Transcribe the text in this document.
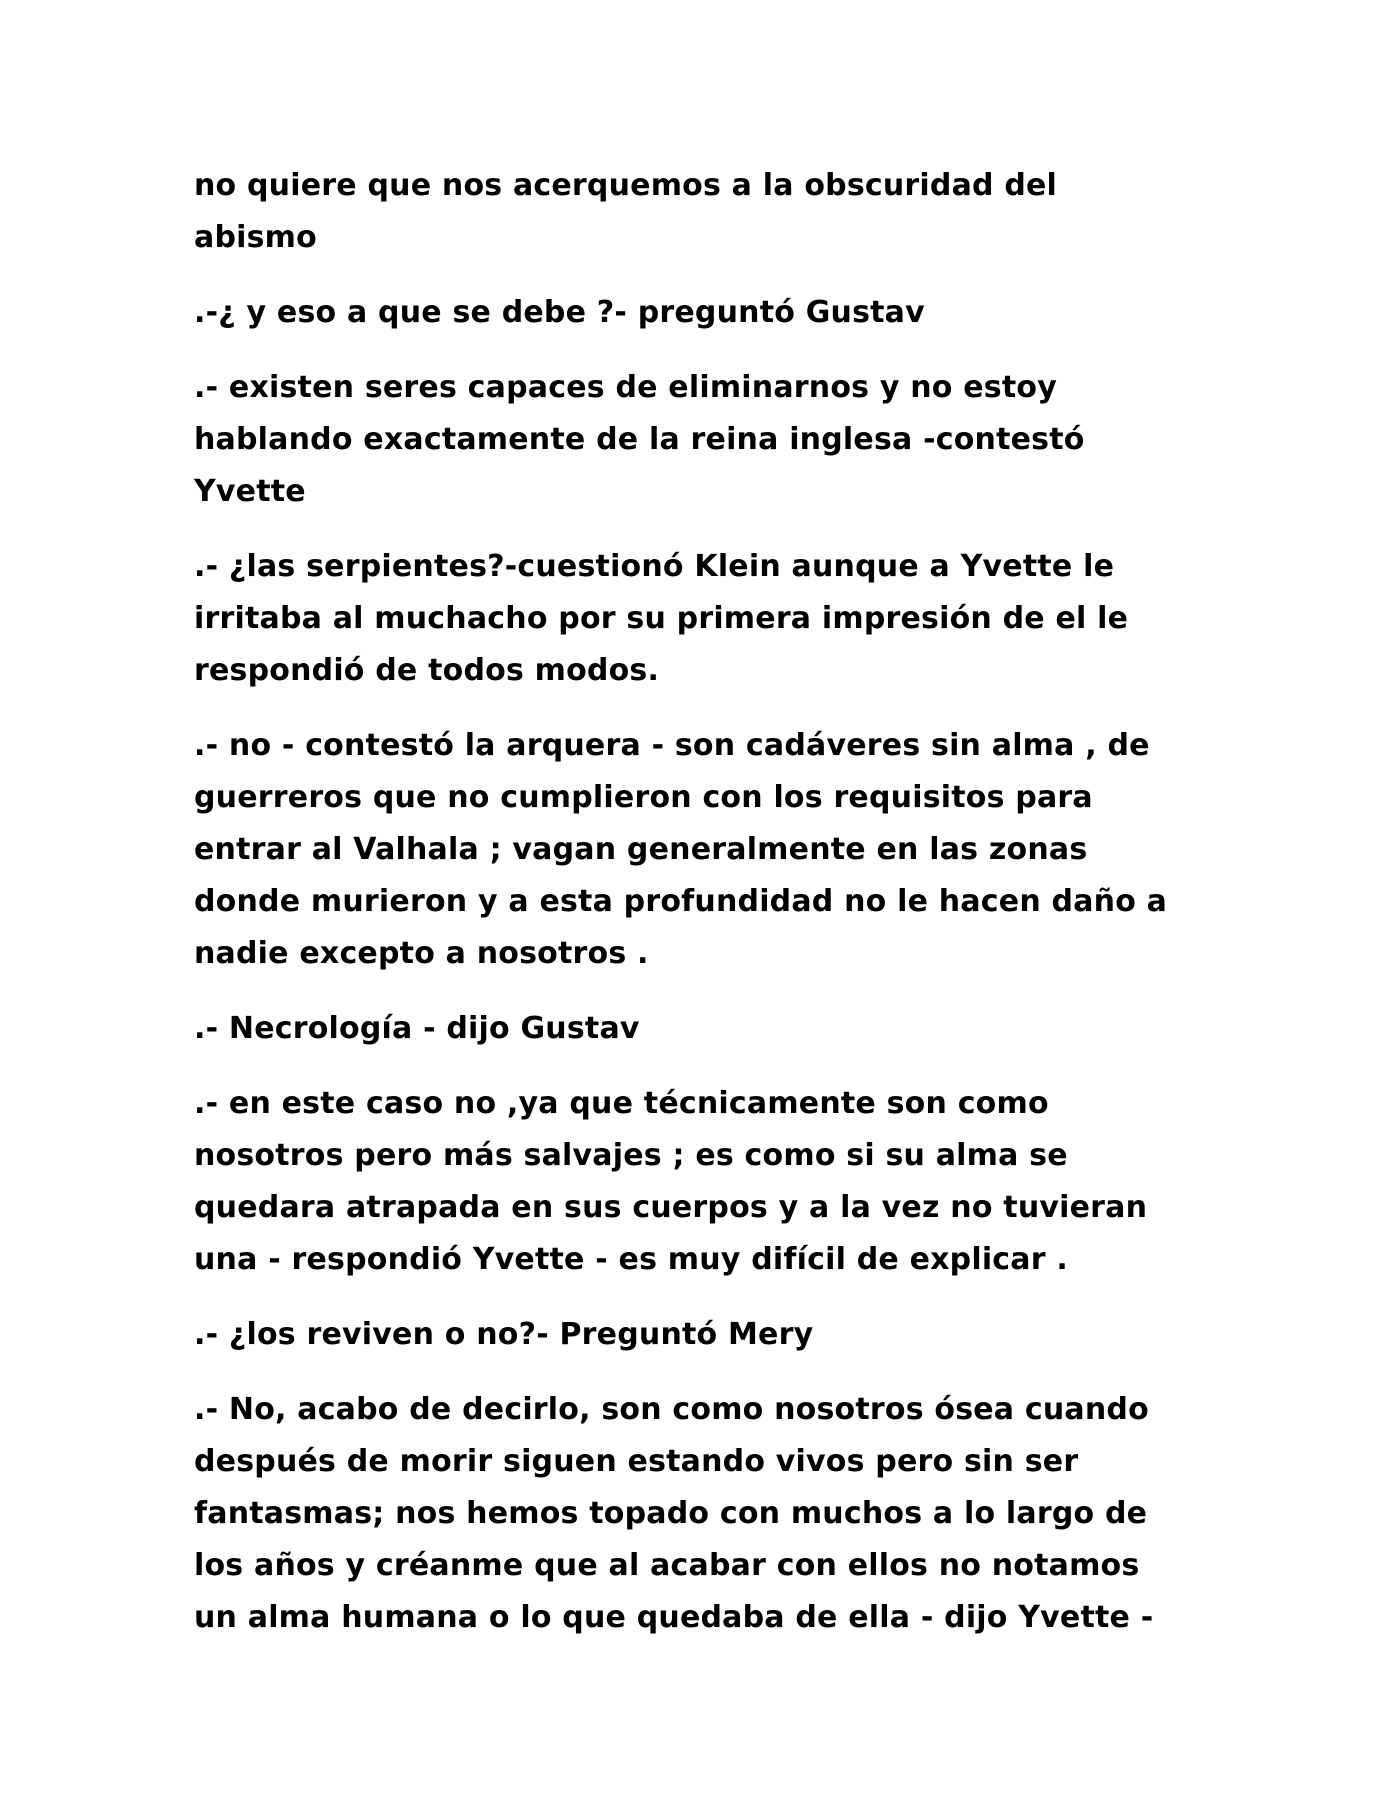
no quiere que nos acerquemos a la obscuridad del
abismo

.-¿ y eso a que se debe ?- preguntó Gustav

.- existen seres capaces de eliminarnos y no estoy
hablando exactamente de la reina inglesa -contestó
Yvette

.- ¿las serpientes?-cuestionó Klein aunque a Yvette le
irritaba al muchacho por su primera impresión de el le
respondió de todos modos.

.- no - contestó la arquera - son cadáveres sin alma , de
guerreros que no cumplieron con los requisitos para
entrar al Valhala ; vagan generalmente en las zonas
donde murieron y a esta profundidad no le hacen daño a
nadie excepto a nosotros .

.- Necrología - dijo Gustav

.- en este caso no ,ya que técnicamente son como
nosotros pero más salvajes ; es como si su alma se
quedara atrapada en sus cuerpos y a la vez no tuvieran
una - respondió Yvette - es muy difícil de explicar .

.- ¿los reviven o no?- Preguntó Mery

.- No, acabo de decirlo, son como nosotros ósea cuando
después de morir siguen estando vivos pero sin ser
fantasmas; nos hemos topado con muchos a lo largo de
los años y créanme que al acabar con ellos no notamos
un alma humana o lo que quedaba de ella - dijo Yvette -
